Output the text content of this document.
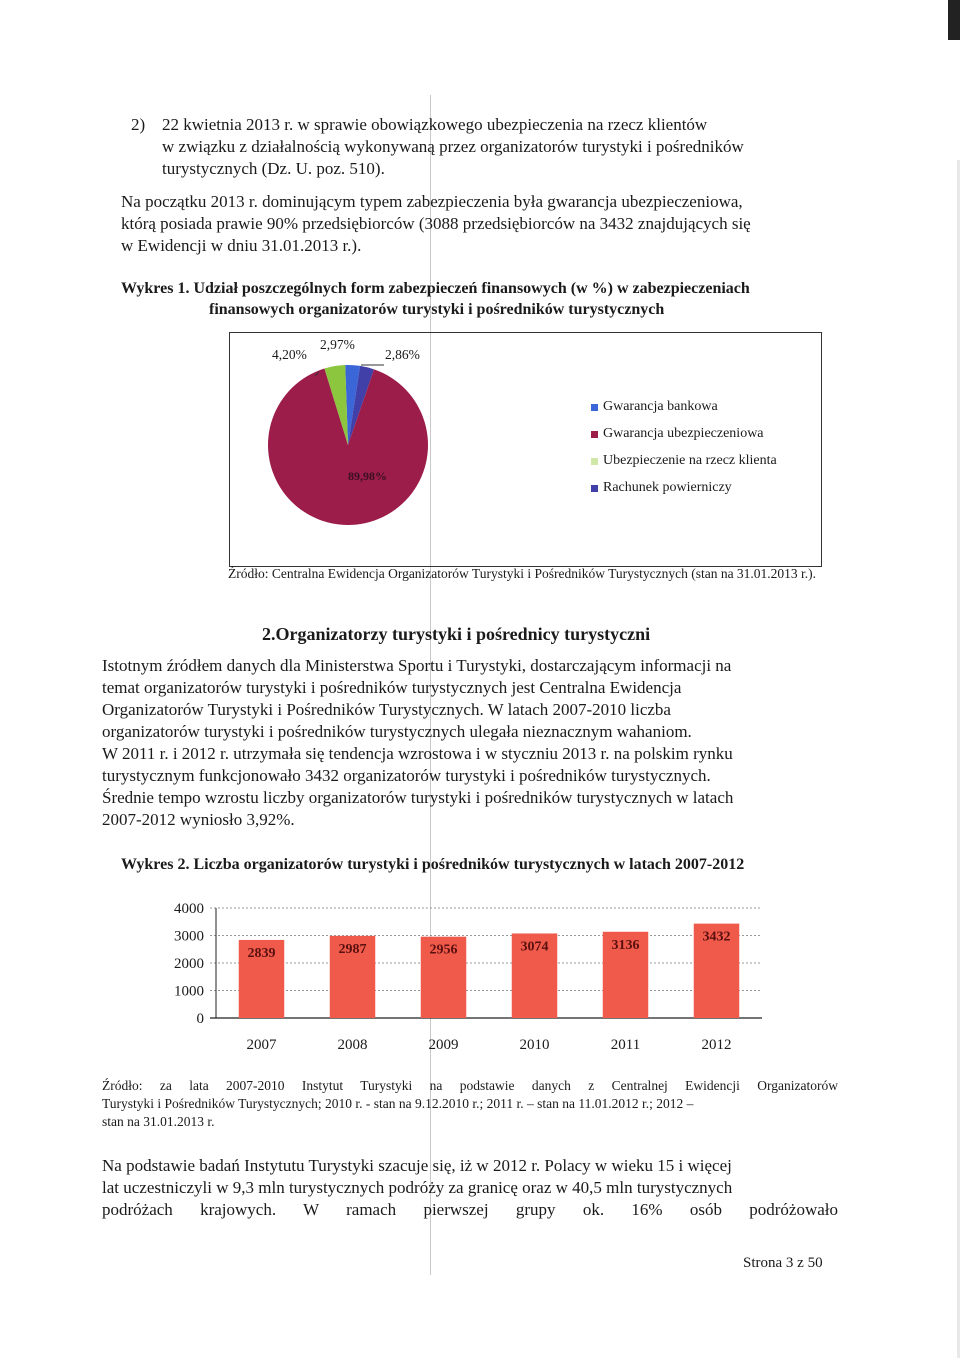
2) 22 kwietnia 2013 r. w sprawie obowiązkowego ubezpieczenia na rzecz klientów
w związku z działalnością wykonywaną przez organizatorów turystyki i pośredników
turystycznych (Dz. U. poz. 510).
Na początku 2013 r. dominującym typem zabezpieczenia była gwarancja ubezpieczeniowa,
którą posiada prawie 90% przedsiębiorców (3088 przedsiębiorców na 3432 znajdujących się
w Ewidencji w dniu 31.01.2013 r.).
Wykres 1. Udział poszczególnych form zabezpieczeń finansowych (w %) w zabezpieczeniach
finansowych organizatorów turystyki i pośredników turystycznych
4,20%
2,97%
2,86%
89,98%
Gwarancja bankowa
Gwarancja ubezpieczeniowa
Ubezpieczenie na rzecz klienta
Rachunek powierniczy
Źródło: Centralna Ewidencja Organizatorów Turystyki i Pośredników Turystycznych (stan na 31.01.2013 r.).
2.Organizatorzy turystyki i pośrednicy turystyczni
Istotnym źródłem danych dla Ministerstwa Sportu i Turystyki, dostarczającym informacji na
temat organizatorów turystyki i pośredników turystycznych jest Centralna Ewidencja
Organizatorów Turystyki i Pośredników Turystycznych. W latach 2007-2010 liczba
organizatorów turystyki i pośredników turystycznych ulegała nieznacznym wahaniom.
W 2011 r. i 2012 r. utrzymała się tendencja wzrostowa i w styczniu 2013 r. na polskim rynku
turystycznym funkcjonowało 3432 organizatorów turystyki i pośredników turystycznych.
Średnie tempo wzrostu liczby organizatorów turystyki i pośredników turystycznych w latach
2007-2012 wyniosło 3,92%.
Wykres 2. Liczba organizatorów turystyki i pośredników turystycznych w latach 2007-2012
4000
3000
2000
1000
0
2007	2008	2009	2010	2011	2012
2839	2987	2956	3074	3136
3432
Źródło: za lata 2007-2010 Instytut Turystyki na podstawie danych z Centralnej Ewidencji Organizatorów
Turystyki i Pośredników Turystycznych; 2010 r. - stan na 9.12.2010 r.; 2011 r. – stan na 11.01.2012 r.; 2012 –
stan na 31.01.2013 r.
Na podstawie badań Instytutu Turystyki szacuje się, iż w 2012 r. Polacy w wieku 15 i więcej
lat uczestniczyli w 9,3 mln turystycznych podróży za granicę oraz w 40,5 mln turystycznych
podróżach krajowych. W ramach pierwszej grupy ok. 16% osób podróżowało
Strona 3 z 50
